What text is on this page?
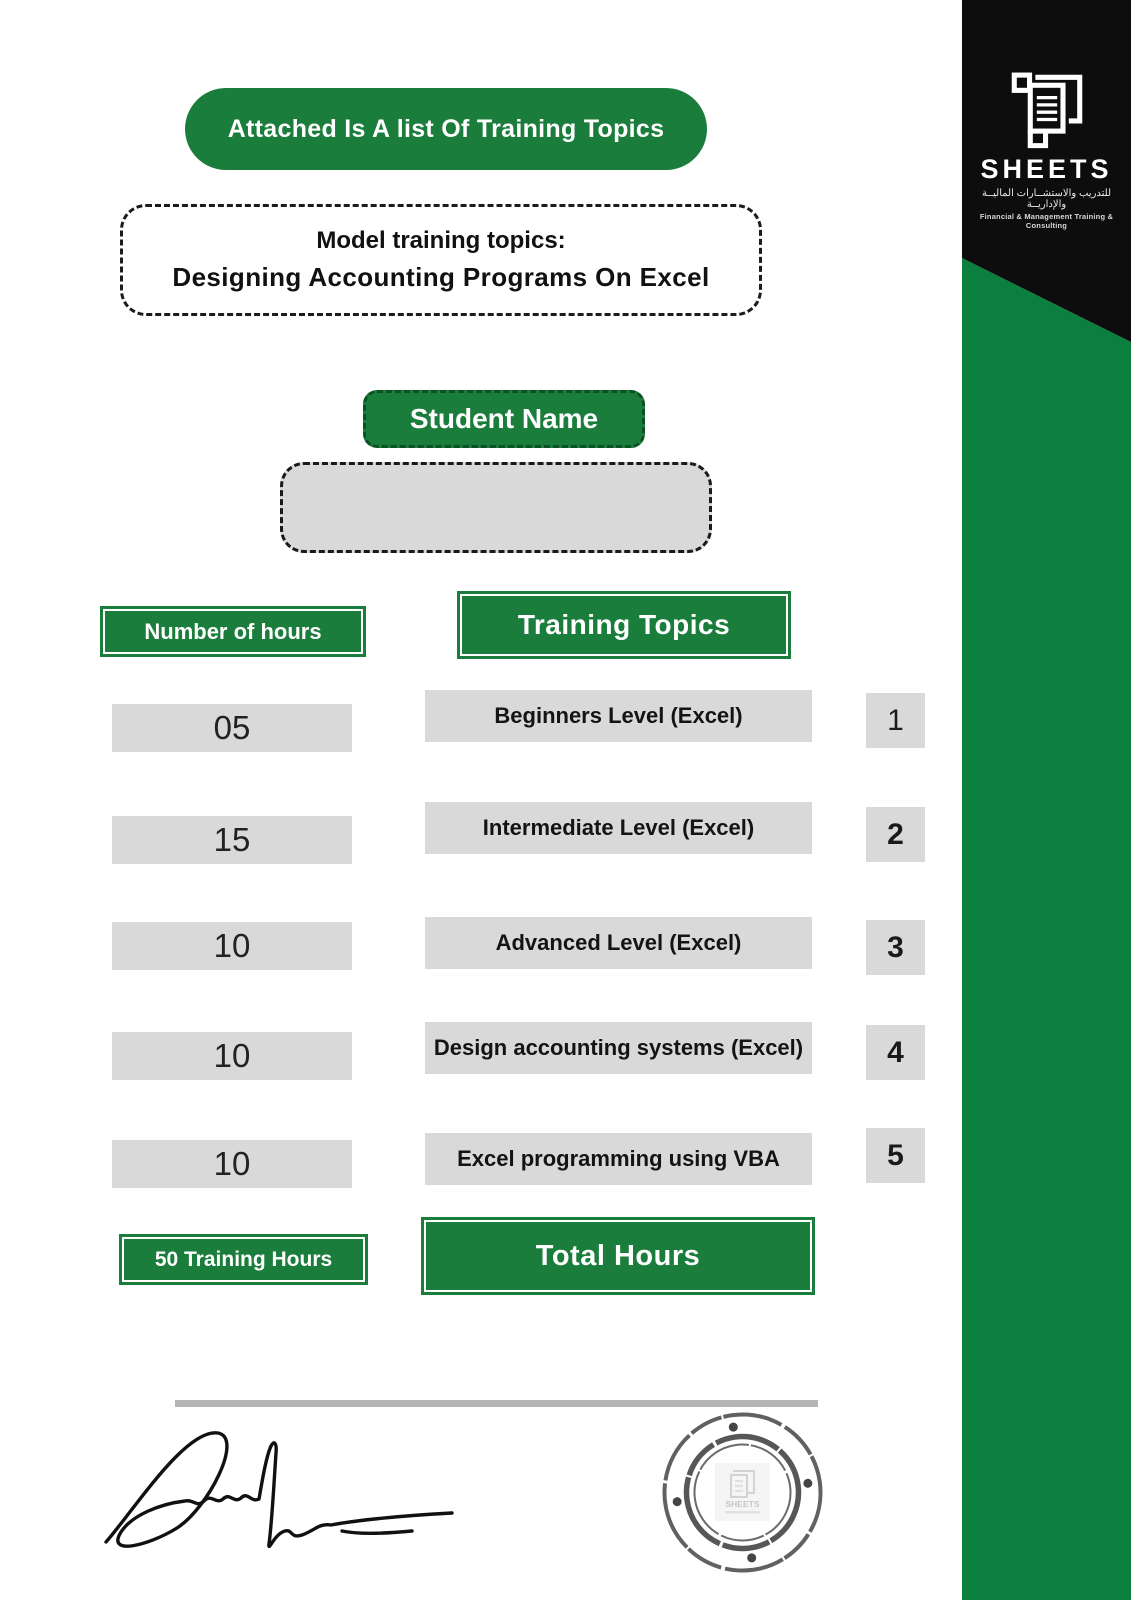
SHEETS
للتدريب والاستشــارات الماليــة والإداريــة
Financial & Management Training & Consulting
Attached Is A list Of Training Topics
Model training topics:
Designing Accounting Programs On Excel
Student Name
Number of hours	Training Topics
05	Beginners Level (Excel)	1
15	Intermediate Level (Excel)	2
10	Advanced Level (Excel)	3
10	Design accounting systems (Excel)	4
10	Excel programming using VBA	5
50 Training Hours	Total Hours
SHEETS
